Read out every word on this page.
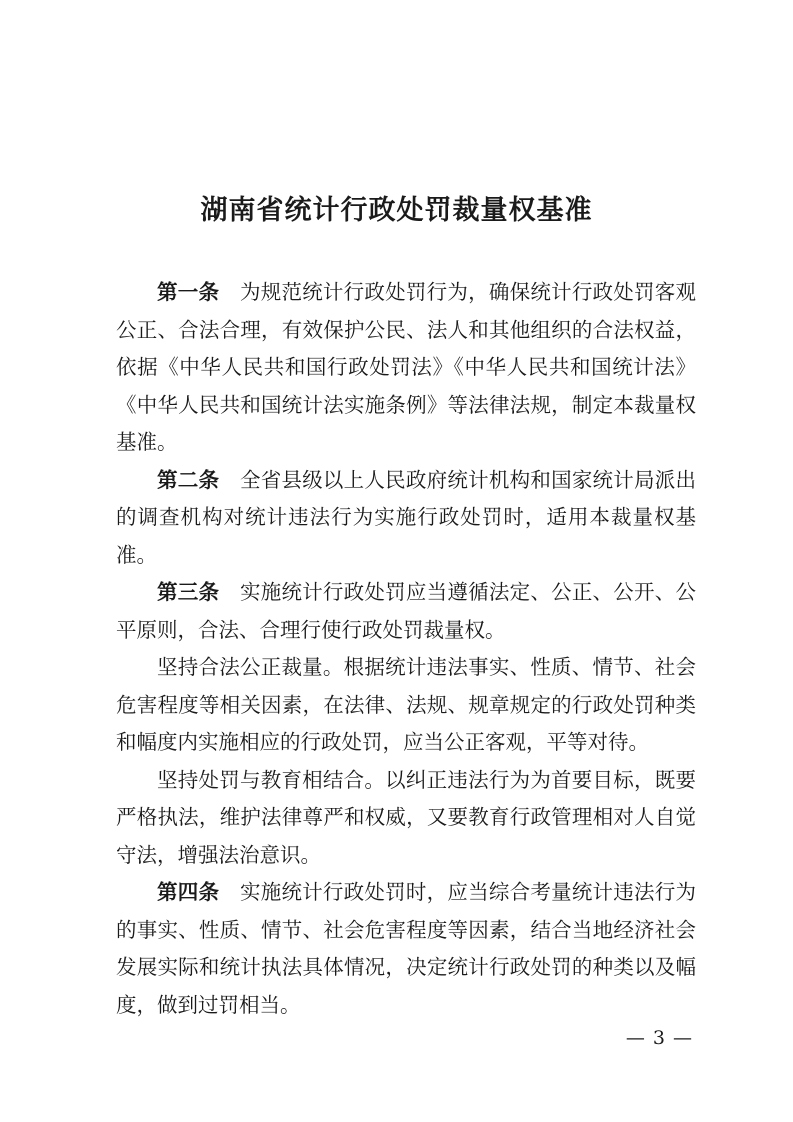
湖南省统计行政处罚裁量权基准

第一条  为规范统计行政处罚行为，确保统计行政处罚客观公正、合法合理，有效保护公民、法人和其他组织的合法权益，依据《中华人民共和国行政处罚法》《中华人民共和国统计法》《中华人民共和国统计法实施条例》等法律法规，制定本裁量权基准。

第二条  全省县级以上人民政府统计机构和国家统计局派出的调查机构对统计违法行为实施行政处罚时，适用本裁量权基准。

第三条  实施统计行政处罚应当遵循法定、公正、公开、公平原则，合法、合理行使行政处罚裁量权。

坚持合法公正裁量。根据统计违法事实、性质、情节、社会危害程度等相关因素，在法律、法规、规章规定的行政处罚种类和幅度内实施相应的行政处罚，应当公正客观，平等对待。

坚持处罚与教育相结合。以纠正违法行为为首要目标，既要严格执法，维护法律尊严和权威，又要教育行政管理相对人自觉守法，增强法治意识。

第四条  实施统计行政处罚时，应当综合考量统计违法行为的事实、性质、情节、社会危害程度等因素，结合当地经济社会发展实际和统计执法具体情况，决定统计行政处罚的种类以及幅度，做到过罚相当。

— 3 —
